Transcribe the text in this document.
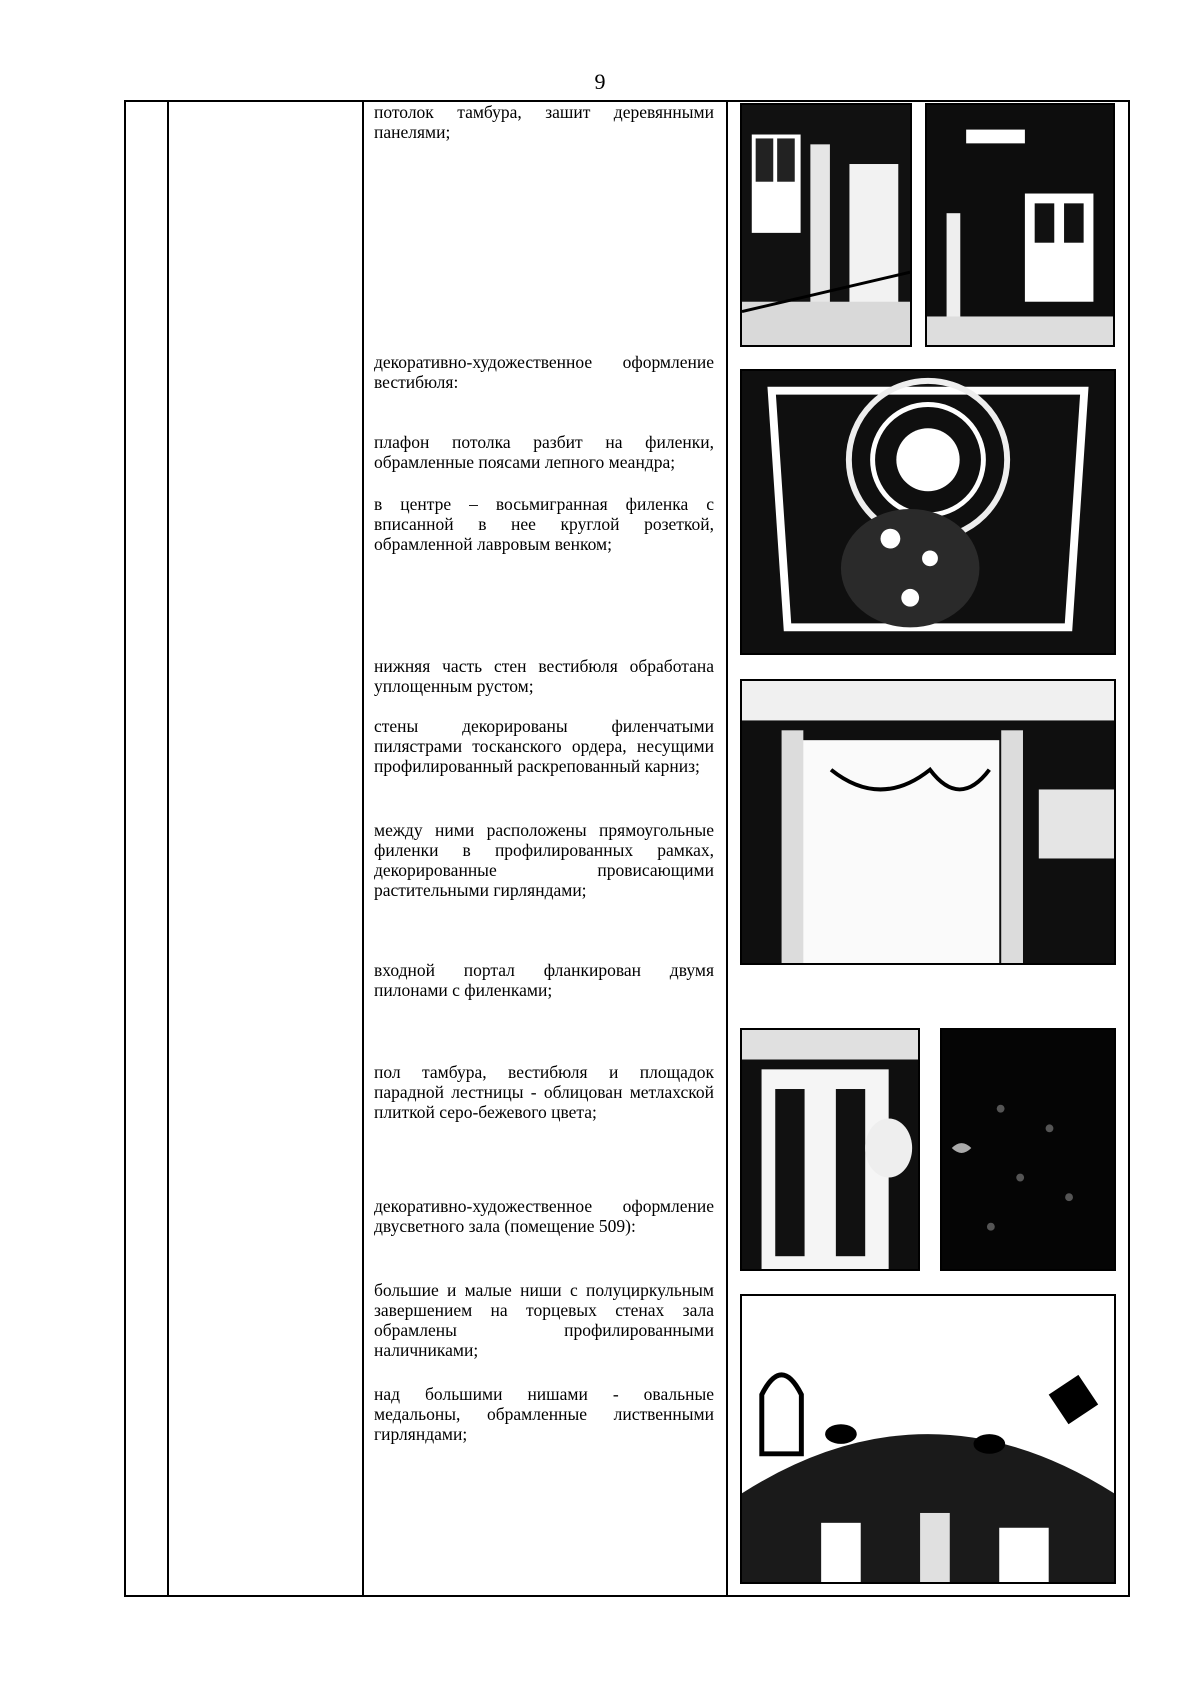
9
потолок тамбура, зашит деревянными панелями;
декоративно-художественное оформление вестибюля:
плафон потолка разбит на филенки, обрамленные поясами лепного меандра;
в центре – восьмигранная филенка с вписанной в нее круглой розеткой, обрамленной лавровым венком;
нижняя часть стен вестибюля обработана уплощенным рустом;
стены декорированы филенчатыми пилястрами тосканского ордера, несущими профилированный раскрепованный карниз;
между ними расположены прямоугольные филенки в профилированных рамках, декорированные провисающими растительными гирляндами;
входной портал фланкирован двумя пилонами с филенками;
пол тамбура, вестибюля и площадок парадной лестницы - облицован метлахской плиткой серо-бежевого цвета;
декоративно-художественное оформление двусветного зала (помещение 509):
большие и малые ниши с полуциркульным завершением на торцевых стенах зала обрамлены профилированными наличниками;
над большими нишами - овальные медальоны, обрамленные лиственными гирляндами;
